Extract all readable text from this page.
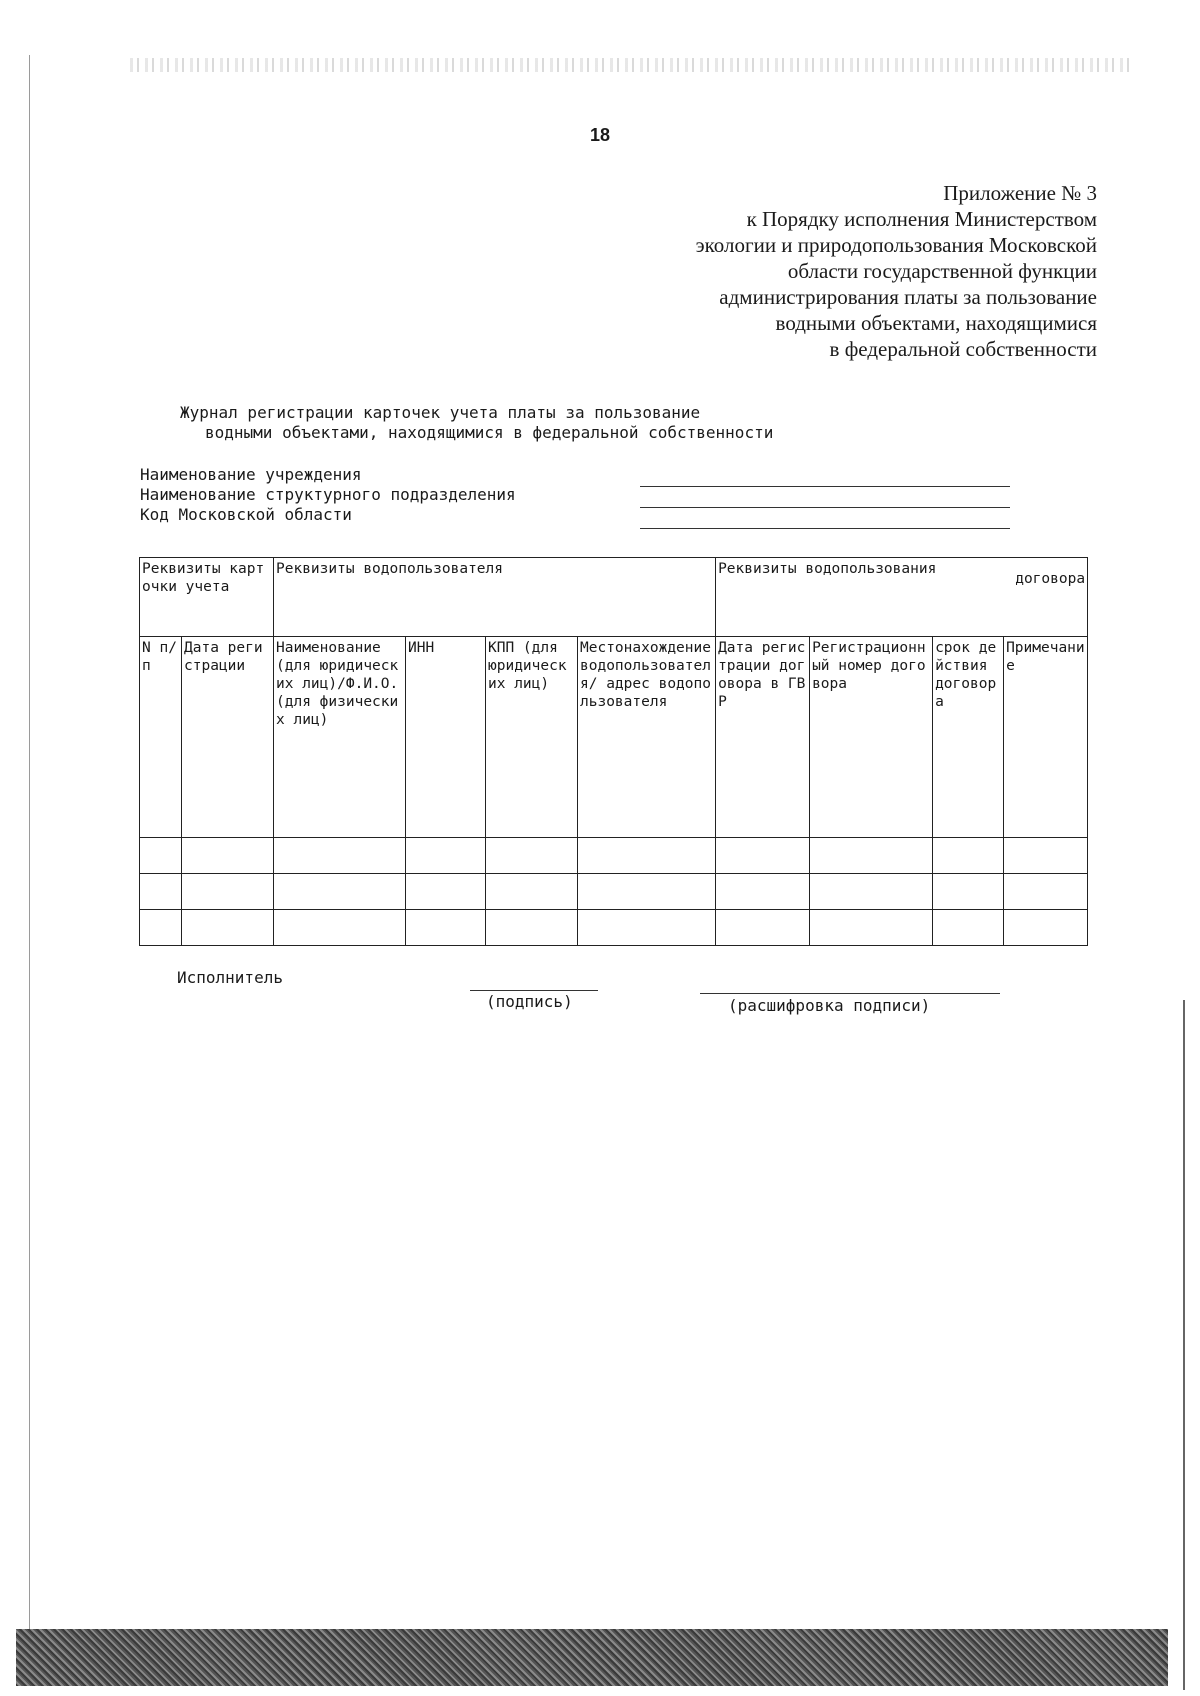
18
Приложение № 3
к Порядку исполнения Министерством
экологии и природопользования Московской
области государственной функции
администрирования платы за пользование
водными объектами, находящимися
в федеральной собственности
Журнал регистрации карточек учета платы за пользование
водными объектами, находящимися в федеральной собственности
Наименование учреждения
Наименование структурного подразделения
Код Московской области
Реквизиты карточки учета		Реквизиты водопользователя				Реквизиты водопользования
договора			

N п/п	Дата регистрации	Наименование (для юридических лиц)/Ф.И.О. (для физических лиц)	ИНН	КПП (для юридических лиц)	Местонахождение водопользователя/ адрес водопользователя	Дата регистрации договора в ГВР	Регистрационный номер договора	срок действия договора	Примечание

Исполнитель
(подпись)	(расшифровка подписи)
